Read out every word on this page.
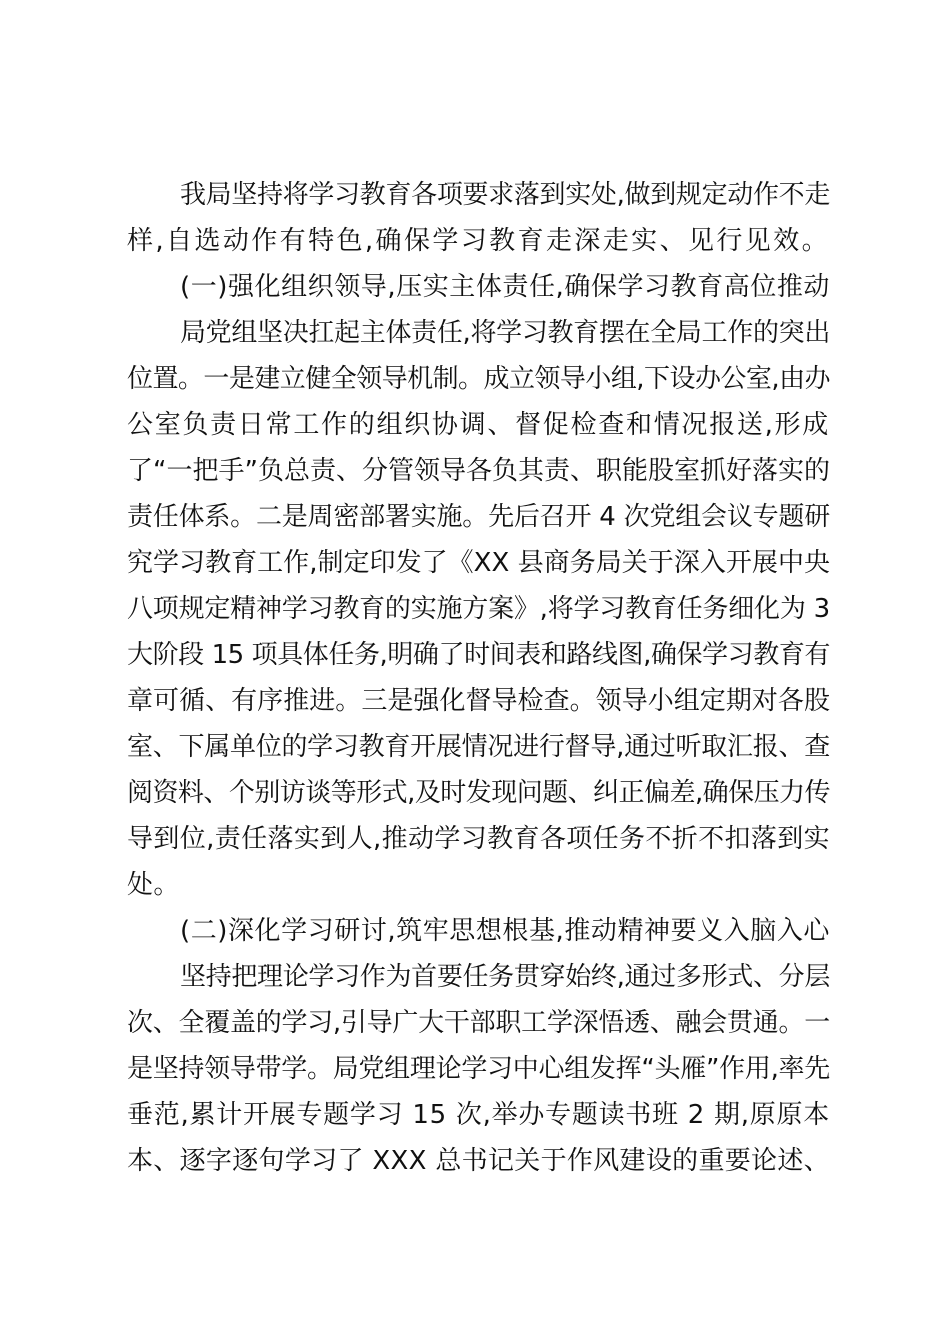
我局坚持将学习教育各项要求落到实处,做到规定动作不走
样,自选动作有特色,确保学习教育走深走实、见行见效。
(一)强化组织领导,压实主体责任,确保学习教育高位推动
局党组坚决扛起主体责任,将学习教育摆在全局工作的突出
位置。一是建立健全领导机制。成立领导小组,下设办公室,由办
公室负责日常工作的组织协调、督促检查和情况报送,形成
了“一把手”负总责、分管领导各负其责、职能股室抓好落实的
责任体系。二是周密部署实施。先后召开 4 次党组会议专题研
究学习教育工作,制定印发了《XX 县商务局关于深入开展中央
八项规定精神学习教育的实施方案》,将学习教育任务细化为 3
大阶段 15 项具体任务,明确了时间表和路线图,确保学习教育有
章可循、有序推进。三是强化督导检查。领导小组定期对各股
室、下属单位的学习教育开展情况进行督导,通过听取汇报、查
阅资料、个别访谈等形式,及时发现问题、纠正偏差,确保压力传
导到位,责任落实到人,推动学习教育各项任务不折不扣落到实
处。
(二)深化学习研讨,筑牢思想根基,推动精神要义入脑入心
坚持把理论学习作为首要任务贯穿始终,通过多形式、分层
次、全覆盖的学习,引导广大干部职工学深悟透、融会贯通。一
是坚持领导带学。局党组理论学习中心组发挥“头雁”作用,率先
垂范,累计开展专题学习 15 次,举办专题读书班 2 期,原原本
本、逐字逐句学习了 XXX 总书记关于作风建设的重要论述、
